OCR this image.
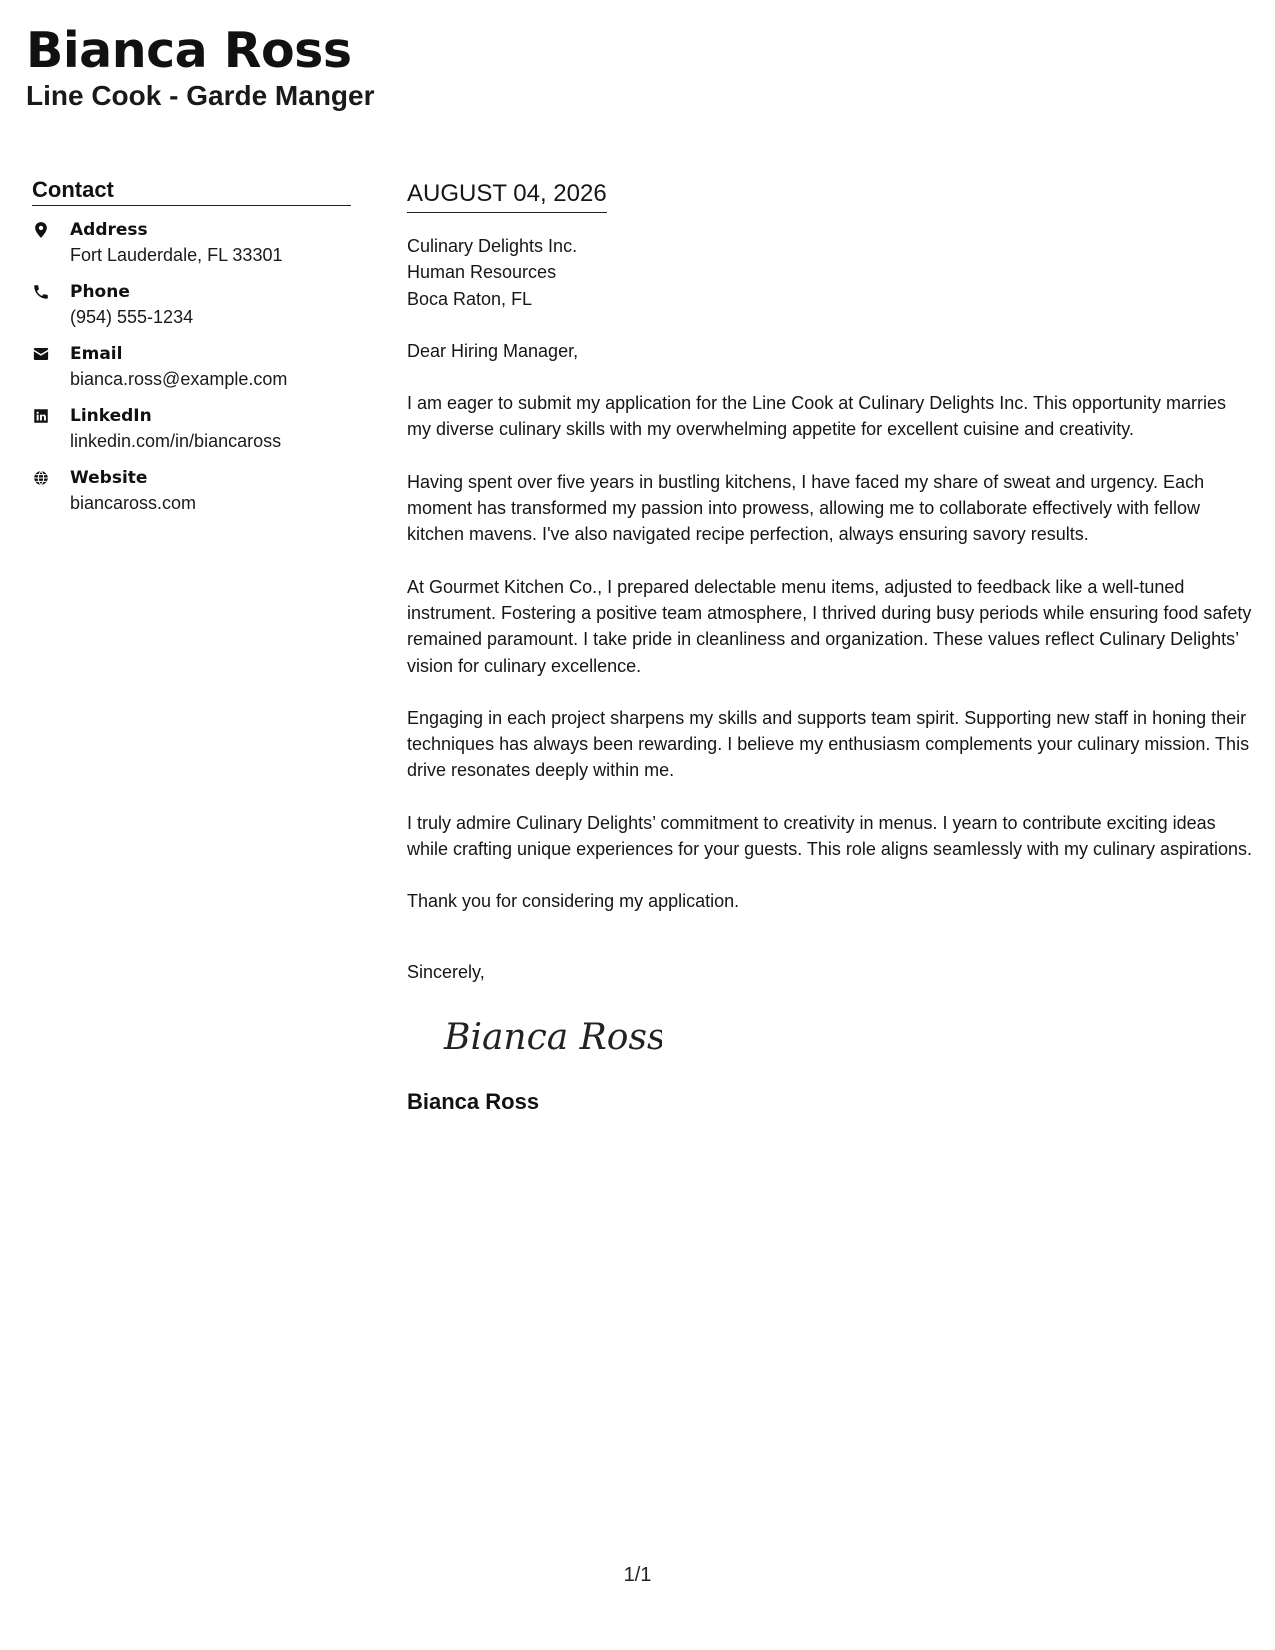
Bianca Ross
Line Cook - Garde Manger
Contact
Address
Fort Lauderdale, FL 33301
Phone
(954) 555-1234
Email
bianca.ross@example.com
LinkedIn
linkedin.com/in/biancaross
Website
biancaross.com
AUGUST 04, 2026
Culinary Delights Inc.
Human Resources
Boca Raton, FL

Dear Hiring Manager,

I am eager to submit my application for the Line Cook at Culinary Delights Inc. This opportunity marries my diverse culinary skills with my overwhelming appetite for excellent cuisine and creativity.

Having spent over five years in bustling kitchens, I have faced my share of sweat and urgency. Each moment has transformed my passion into prowess, allowing me to collaborate effectively with fellow kitchen mavens. I've also navigated recipe perfection, always ensuring savory results.

At Gourmet Kitchen Co., I prepared delectable menu items, adjusted to feedback like a well-tuned instrument. Fostering a positive team atmosphere, I thrived during busy periods while ensuring food safety remained paramount. I take pride in cleanliness and organization. These values reflect Culinary Delights’ vision for culinary excellence.

Engaging in each project sharpens my skills and supports team spirit. Supporting new staff in honing their techniques has always been rewarding. I believe my enthusiasm complements your culinary mission. This drive resonates deeply within me.

I truly admire Culinary Delights’ commitment to creativity in menus. I yearn to contribute exciting ideas while crafting unique experiences for your guests. This role aligns seamlessly with my culinary aspirations.

Thank you for considering my application.

Sincerely,

Bianca Ross
Bianca Ross
1/1
